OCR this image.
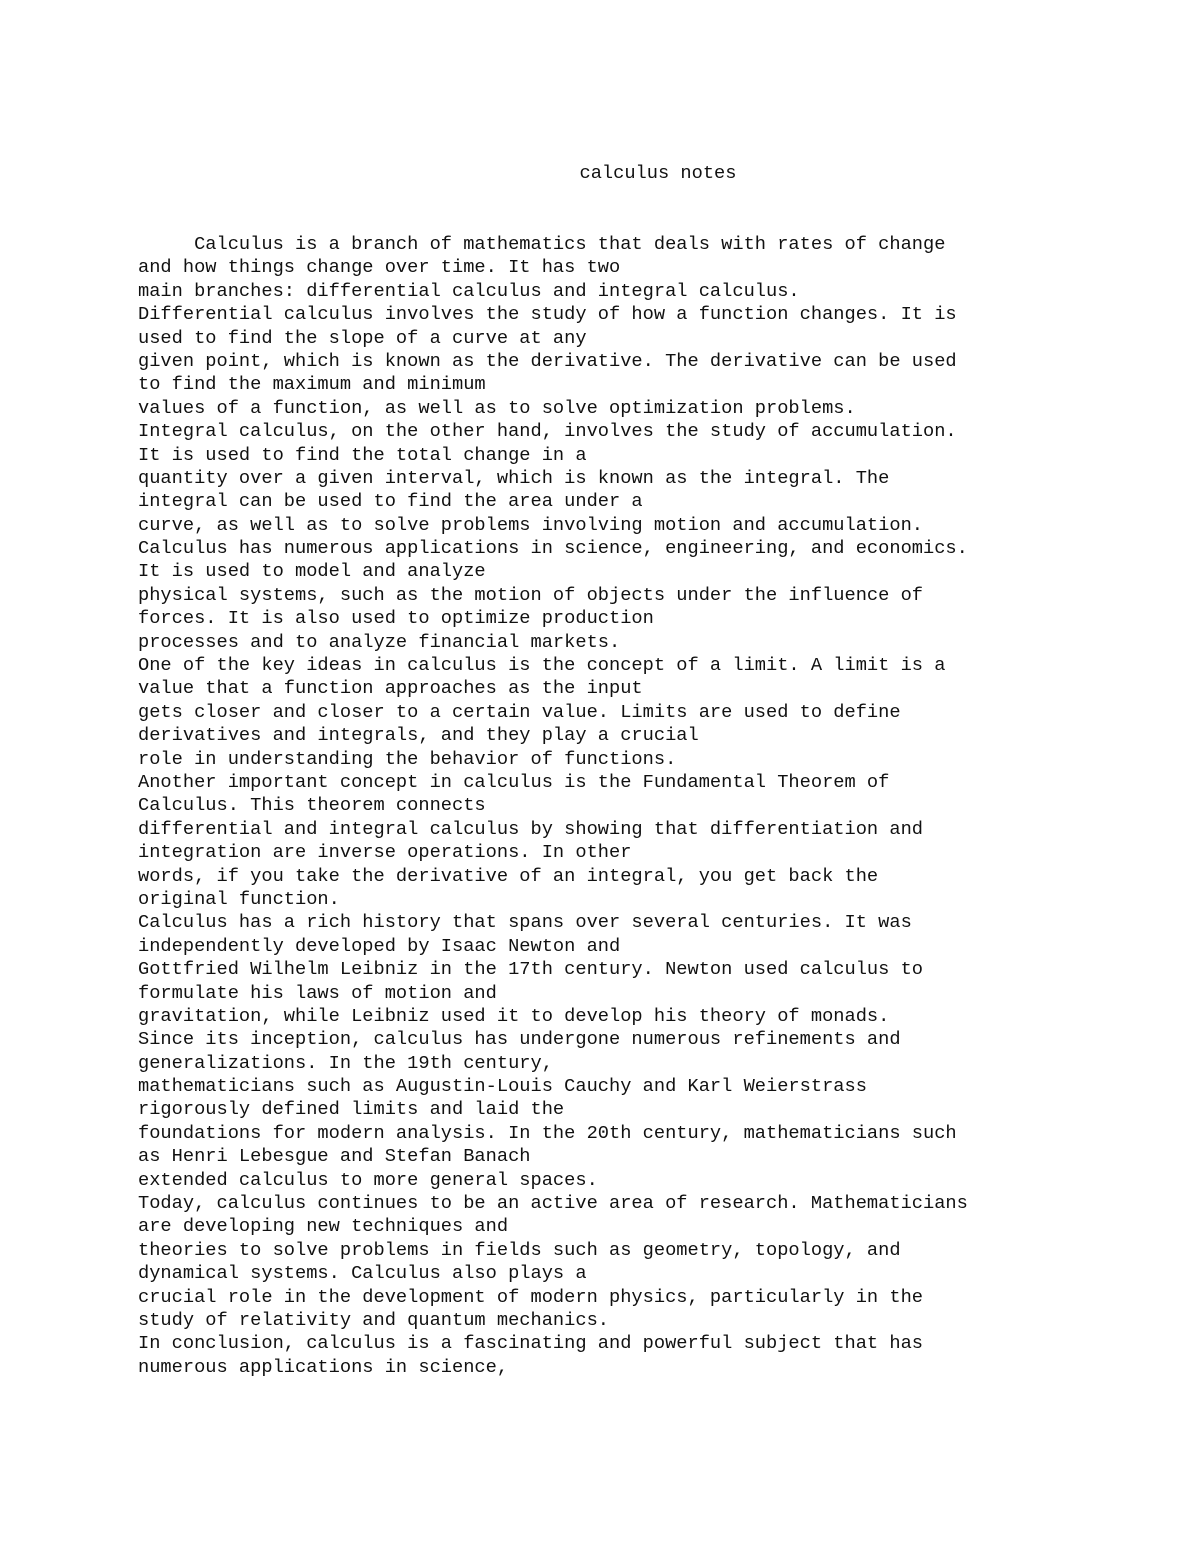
calculus notes
Calculus is a branch of mathematics that deals with rates of change
and how things change over time. It has two
main branches: differential calculus and integral calculus.
Differential calculus involves the study of how a function changes. It is
used to find the slope of a curve at any
given point, which is known as the derivative. The derivative can be used
to find the maximum and minimum
values of a function, as well as to solve optimization problems.
Integral calculus, on the other hand, involves the study of accumulation.
It is used to find the total change in a
quantity over a given interval, which is known as the integral. The
integral can be used to find the area under a
curve, as well as to solve problems involving motion and accumulation.
Calculus has numerous applications in science, engineering, and economics.
It is used to model and analyze
physical systems, such as the motion of objects under the influence of
forces. It is also used to optimize production
processes and to analyze financial markets.
One of the key ideas in calculus is the concept of a limit. A limit is a
value that a function approaches as the input
gets closer and closer to a certain value. Limits are used to define
derivatives and integrals, and they play a crucial
role in understanding the behavior of functions.
Another important concept in calculus is the Fundamental Theorem of
Calculus. This theorem connects
differential and integral calculus by showing that differentiation and
integration are inverse operations. In other
words, if you take the derivative of an integral, you get back the
original function.
Calculus has a rich history that spans over several centuries. It was
independently developed by Isaac Newton and
Gottfried Wilhelm Leibniz in the 17th century. Newton used calculus to
formulate his laws of motion and
gravitation, while Leibniz used it to develop his theory of monads.
Since its inception, calculus has undergone numerous refinements and
generalizations. In the 19th century,
mathematicians such as Augustin-Louis Cauchy and Karl Weierstrass
rigorously defined limits and laid the
foundations for modern analysis. In the 20th century, mathematicians such
as Henri Lebesgue and Stefan Banach
extended calculus to more general spaces.
Today, calculus continues to be an active area of research. Mathematicians
are developing new techniques and
theories to solve problems in fields such as geometry, topology, and
dynamical systems. Calculus also plays a
crucial role in the development of modern physics, particularly in the
study of relativity and quantum mechanics.
In conclusion, calculus is a fascinating and powerful subject that has
numerous applications in science,
